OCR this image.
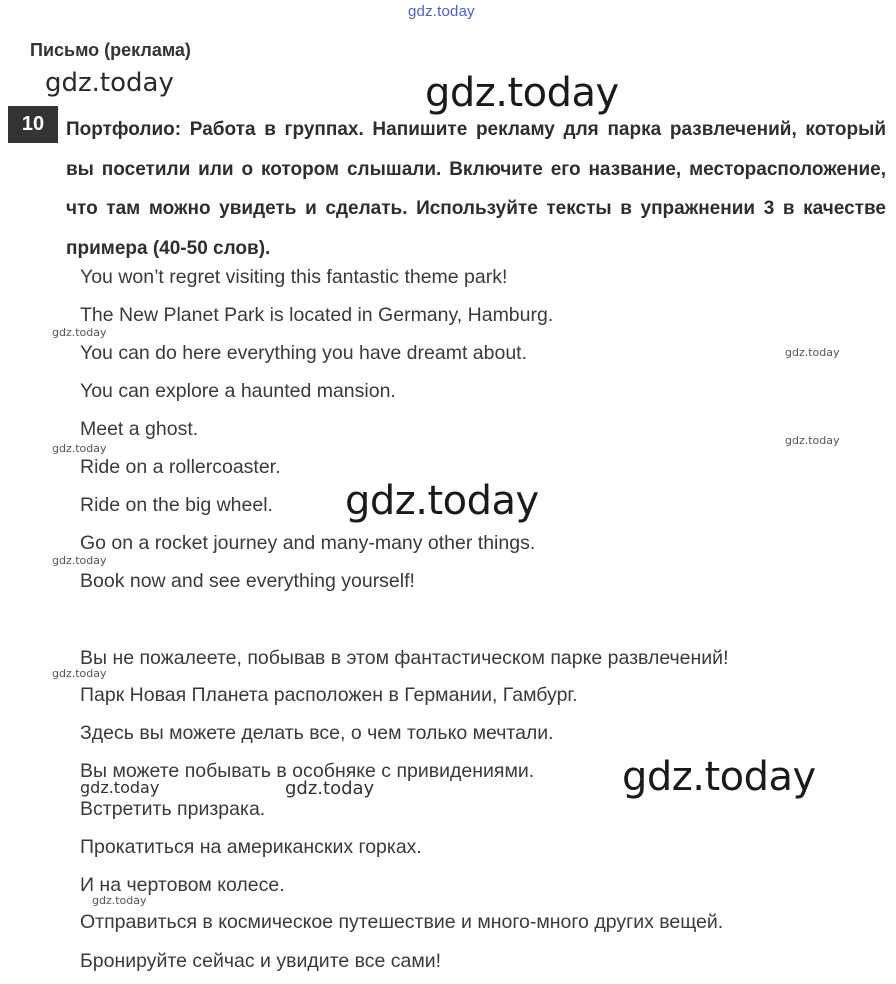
gdz.today
gdz.today	gdz.today
gdz.today
gdz.today
gdz.today
gdz.today
gdz.today
gdz.today
gdz.today
gdz.today
gdz.today
gdz.today
gdz.today
Письмо (реклама)
10	Портфолио: Работа в группах. Напишите рекламу для парка развлечений, который вы посетили или о котором слышали. Включите его название, месторасположение, что там можно увидеть и сделать. Используйте тексты в упражнении 3 в качестве примера (40-50 слов).
You won’t regret visiting this fantastic theme park!
The New Planet Park is located in Germany, Hamburg.
You can do here everything you have dreamt about.
You can explore a haunted mansion.
Meet a ghost.
Ride on a rollercoaster.
Ride on the big wheel.
Go on a rocket journey and many-many other things.
Book now and see everything yourself!
Вы не пожалеете, побывав в этом фантастическом парке развлечений!
Парк Новая Планета расположен в Германии, Гамбург.
Здесь вы можете делать все, о чем только мечтали.
Вы можете побывать в особняке с привидениями.
Встретить призрака.
Прокатиться на американских горках.
И на чертовом колесе.
Отправиться в космическое путешествие и много-много других вещей.
Бронируйте сейчас и увидите все сами!
